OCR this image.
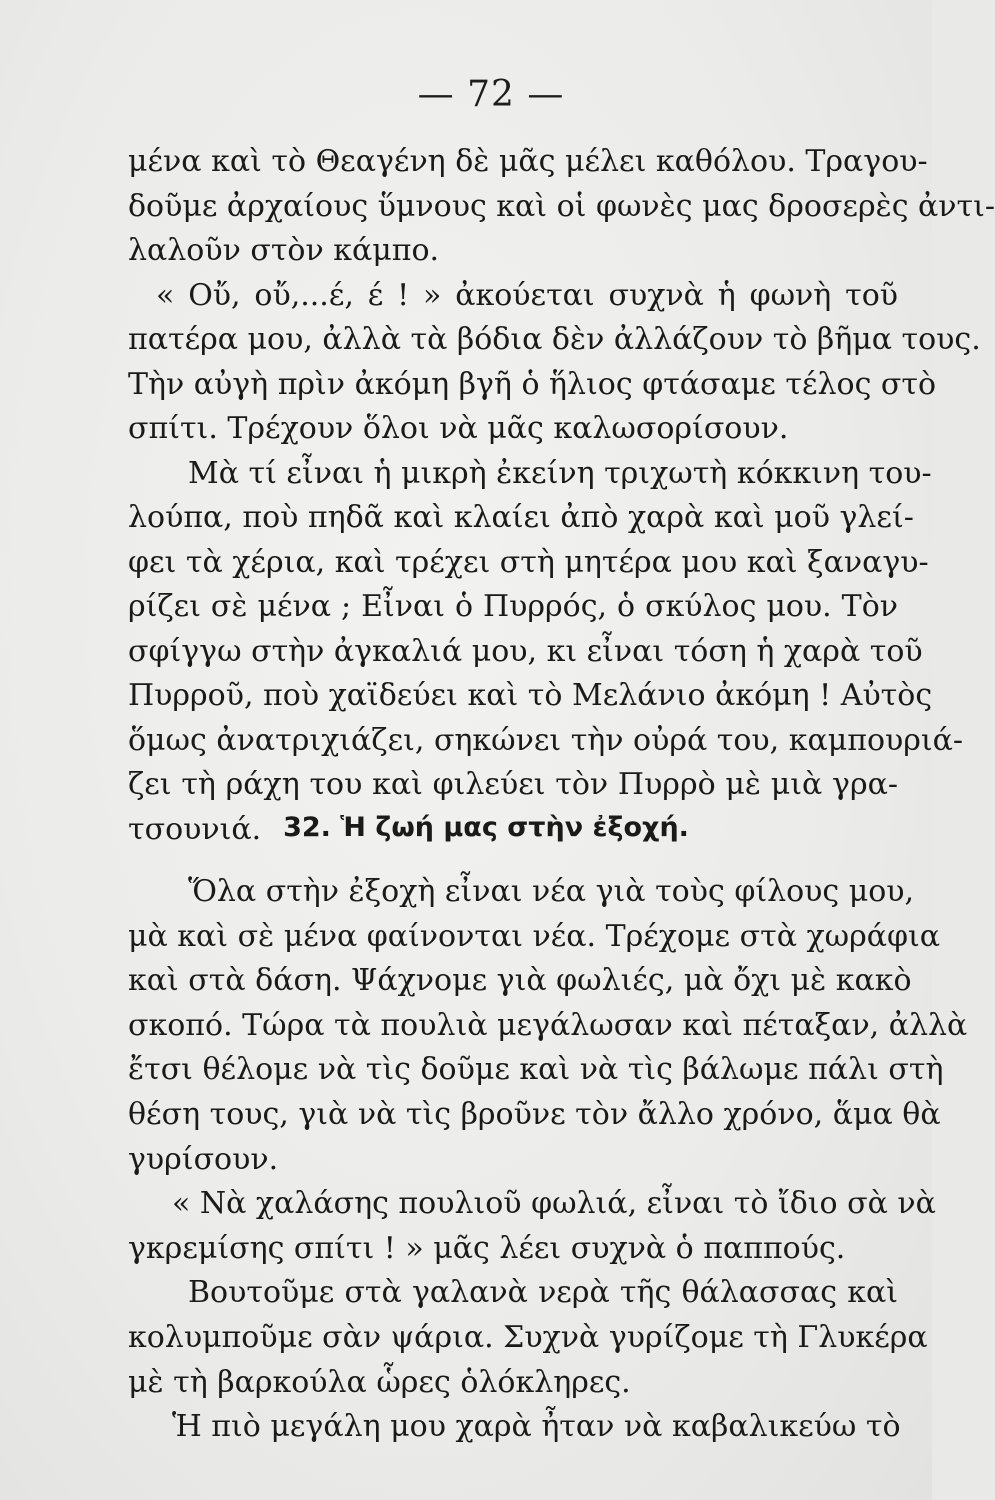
— 72 —
μένα καὶ τὸ Θεαγένη δὲ μᾶς μέλει καθόλου. Τραγου-
δοῦμε ἀρχαίους ὕμνους καὶ οἱ φωνὲς μας δροσερὲς ἀντι-
λαλοῦν στὸν κάμπο.
« Οὔ, οὔ,...έ, έ ! » ἀκούεται συχνὰ ἡ φωνὴ τοῦ
πατέρα μου, ἀλλὰ τὰ βόδια δὲν ἀλλάζουν τὸ βῆμα τους.
Τὴν αὐγὴ πρὶν ἀκόμη βγῆ ὁ ἥλιος φτάσαμε τέλος στὸ
σπίτι. Τρέχουν ὅλοι νὰ μᾶς καλωσορίσουν.
Μὰ τί εἶναι ἡ μικρὴ ἐκείνη τριχωτὴ κόκκινη του-
λούπα, ποὺ πηδᾶ καὶ κλαίει ἀπὸ χαρὰ καὶ μοῦ γλεί-
φει τὰ χέρια, καὶ τρέχει στὴ μητέρα μου καὶ ξαναγυ-
ρίζει σὲ μένα ; Εἶναι ὁ Πυρρός, ὁ σκύλος μου. Τὸν
σφίγγω στὴν ἀγκαλιά μου, κι εἶναι τόση ἡ χαρὰ τοῦ
Πυρροῦ, ποὺ χαϊδεύει καὶ τὸ Μελάνιο ἀκόμη ! Αὐτὸς
ὅμως ἀνατριχιάζει, σηκώνει τὴν οὐρά του, καμπουριά-
ζει τὴ ράχη του καὶ φιλεύει τὸν Πυρρὸ μὲ μιὰ γρα-
τσουνιά. 32. Ἡ ζωή μας στὴν ἐξοχή.
Ὅλα στὴν ἐξοχὴ εἶναι νέα γιὰ τοὺς φίλους μου,
μὰ καὶ σὲ μένα φαίνονται νέα. Τρέχομε στὰ χωράφια
καὶ στὰ δάση. Ψάχνομε γιὰ φωλιές, μὰ ὄχι μὲ κακὸ
σκοπό. Τώρα τὰ πουλιὰ μεγάλωσαν καὶ πέταξαν, ἀλλὰ
ἔτσι θέλομε νὰ τὶς δοῦμε καὶ νὰ τὶς βάλωμε πάλι στὴ
θέση τους, γιὰ νὰ τὶς βροῦνε τὸν ἄλλο χρόνο, ἅμα θὰ
γυρίσουν.
« Νὰ χαλάσης πουλιοῦ φωλιά, εἶναι τὸ ἴδιο σὰ νὰ
γκρεμίσης σπίτι ! » μᾶς λέει συχνὰ ὁ παππούς.
Βουτοῦμε στὰ γαλανὰ νερὰ τῆς θάλασσας καὶ
κολυμποῦμε σὰν ψάρια. Συχνὰ γυρίζομε τὴ Γλυκέρα
μὲ τὴ βαρκούλα ὧρες ὁλόκληρες.
Ἡ πιὸ μεγάλη μου χαρὰ ἦταν νὰ καβαλικεύω τὸ
